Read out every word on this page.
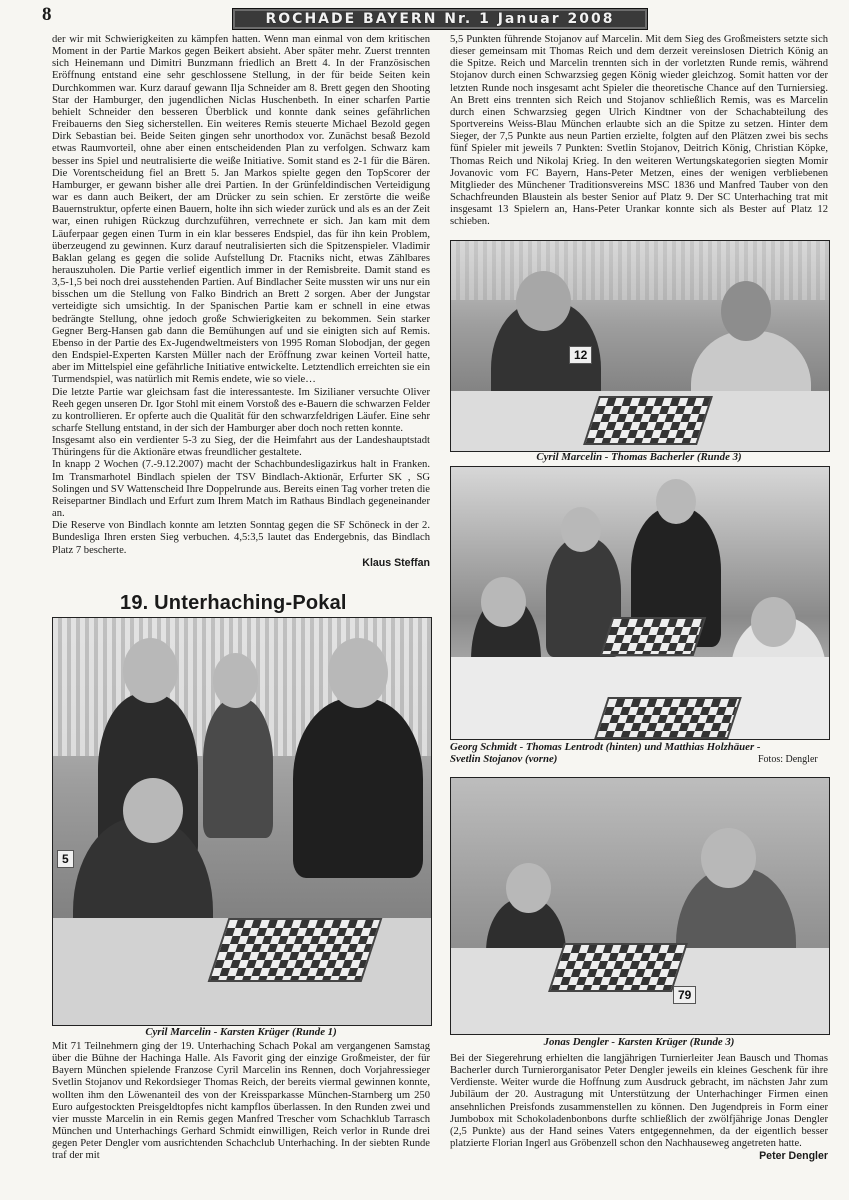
8	ROCHADE BAYERN Nr. 1 Januar 2008

der wir mit Schwierigkeiten zu kämpfen hatten. Wenn man einmal von dem kritischen Moment in der Partie Markos gegen Beikert absieht. Aber später mehr. Zuerst trennten sich Heinemann und Dimitri Bunzmann friedlich an Brett 4. In der Französischen Eröffnung entstand eine sehr geschlossene Stellung, in der für beide Seiten kein Durchkommen war. Kurz darauf gewann Ilja Schneider am 8. Brett gegen den Shooting Star der Hamburger, den jugendlichen Niclas Huschenbeth. In einer scharfen Partie behielt Schneider den besseren Überblick und konnte dank seines gefährlichen Freibauerns den Sieg sicherstellen. Ein weiteres Remis steuerte Michael Bezold gegen Dirk Sebastian bei. Beide Seiten gingen sehr unorthodox vor. Zunächst besaß Bezold etwas Raumvorteil, ohne aber einen entscheidenden Plan zu verfolgen. Schwarz kam besser ins Spiel und neutralisierte die weiße Initiative. Somit stand es 2-1 für die Bären. Die Vorentscheidung fiel an Brett 5. Jan Markos spielte gegen den TopScorer der Hamburger, er gewann bisher alle drei Partien. In der Grünfeldindischen Verteidigung war es dann auch Beikert, der am Drücker zu sein schien. Er zerstörte die weiße Bauernstruktur, opferte einen Bauern, holte ihn sich wieder zurück und als es an der Zeit war, einen ruhigen Rückzug durchzuführen, verrechnete er sich. Jan kam mit dem Läuferpaar gegen einen Turm in ein klar besseres Endspiel, das für ihn kein Problem, überzeugend zu gewinnen. Kurz darauf neutralisierten sich die Spitzenspieler. Vladimir Baklan gelang es gegen die solide Aufstellung Dr. Ftacniks nicht, etwas Zählbares herauszuholen. Die Partie verlief eigentlich immer in der Remisbreite. Damit stand es 3,5-1,5 bei noch drei ausstehenden Partien. Auf Bindlacher Seite mussten wir uns nur ein bisschen um die Stellung von Falko Bindrich an Brett 2 sorgen. Aber der Jungstar verteidigte sich umsichtig. In der Spanischen Partie kam er schnell in eine etwas bedrängte Stellung, ohne jedoch große Schwierigkeiten zu bekommen. Sein starker Gegner Berg-Hansen gab dann die Bemühungen auf und sie einigten sich auf Remis. Ebenso in der Partie des Ex-Jugendweltmeisters von 1995 Roman Slobodjan, der gegen den Endspiel-Experten Karsten Müller nach der Eröffnung zwar keinen Vorteil hatte, aber im Mittelspiel eine gefährliche Initiative entwickelte. Letztendlich erreichten sie ein Turmendspiel, was natürlich mit Remis endete, wie so viele…

Die letzte Partie war gleichsam fast die interessanteste. Im Sizilianer versuchte Oliver Reeh gegen unseren Dr. Igor Stohl mit einem Vorstoß des e-Bauern die schwarzen Felder zu kontrollieren. Er opferte auch die Qualität für den schwarzfeldrigen Läufer. Eine sehr scharfe Stellung entstand, in der sich der Hamburger aber doch noch retten konnte.

Insgesamt also ein verdienter 5-3 zu Sieg, der die Heimfahrt aus der Landeshauptstadt Thüringens für die Aktionäre etwas freundlicher gestaltete.

In knapp 2 Wochen (7.-9.12.2007) macht der Schachbundesligazirkus halt in Franken. Im Transmarhotel Bindlach spielen der TSV Bindlach-Aktionär, Erfurter SK , SG Solingen und SV Wattenscheid Ihre Doppelrunde aus. Bereits einen Tag vorher treten die Reisepartner Bindlach und Erfurt zum Ihrem Match im Rathaus Bindlach gegeneinander an.

Die Reserve von Bindlach konnte am letzten Sonntag gegen die SF Schöneck in der 2. Bundesliga Ihren ersten Sieg verbuchen. 4,5:3,5 lautet das Endergebnis, das Bindlach Platz 7 bescherte.

Klaus Steffan

5,5 Punkten führende Stojanov auf Marcelin. Mit dem Sieg des Großmeisters setzte sich dieser gemeinsam mit Thomas Reich und dem derzeit vereinslosen Dietrich König an die Spitze. Reich und Marcelin trennten sich in der vorletzten Runde remis, während Stojanov durch einen Schwarzsieg gegen König wieder gleichzog. Somit hatten vor der letzten Runde noch insgesamt acht Spieler die theoretische Chance auf den Turniersieg. An Brett eins trennten sich Reich und Stojanov schließlich Remis, was es Marcelin durch einen Schwarzsieg gegen Ulrich Kindtner von der Schachabteilung des Sportvereins Weiss-Blau München erlaubte sich an die Spitze zu setzen. Hinter dem Sieger, der 7,5 Punkte aus neun Partien erzielte, folgten auf den Plätzen zwei bis sechs fünf Spieler mit jeweils 7 Punkten: Svetlin Stojanov, Deitrich König, Christian Köpke, Thomas Reich und Nikolaj Krieg. In den weiteren Wertungskategorien siegten Momir Jovanovic vom FC Bayern, Hans-Peter Metzen, eines der wenigen verbliebenen Mitglieder des Münchener Traditionsvereins MSC 1836 und Manfred Tauber von den Schachfreunden Blaustein als bester Senior auf Platz 9. Der SC Unterhaching trat mit insgesamt 13 Spielern an, Hans-Peter Urankar konnte sich als Bester auf Platz 12 schieben.

19. Unterhaching-Pokal
12
Cyril Marcelin - Thomas Bacherler (Runde 3)
Georg Schmidt - Thomas Lentrodt (hinten) und Matthias Holzhäuer -
Svetlin Stojanov (vorne)	Fotos: Dengler
79
Jonas Dengler - Karsten Krüger (Runde 3)
5
Cyril Marcelin - Karsten Krüger (Runde 1)

Mit 71 Teilnehmern ging der 19. Unterhaching Schach Pokal am vergangenen Samstag über die Bühne der Hachinga Halle. Als Favorit ging der einzige Großmeister, der für Bayern München spielende Franzose Cyril Marcelin ins Rennen, doch Vorjahressieger Svetlin Stojanov und Rekordsieger Thomas Reich, der bereits viermal gewinnen konnte, wollten ihm den Löwenanteil des von der Kreissparkasse München-Starnberg um 250 Euro aufgestockten Preisgeldtopfes nicht kampflos überlassen. In den Runden zwei und vier musste Marcelin in ein Remis gegen Manfred Trescher vom Schachklub Tarrasch München und Unterhachings Gerhard Schmidt einwilligen, Reich verlor in Runde drei gegen Peter Dengler vom ausrichtenden Schachclub Unterhaching. In der siebten Runde traf der mit

Bei der Siegerehrung erhielten die langjährigen Turnierleiter Jean Bausch und Thomas Bacherler durch Turnierorganisator Peter Dengler jeweils ein kleines Geschenk für ihre Verdienste. Weiter wurde die Hoffnung zum Ausdruck gebracht, im nächsten Jahr zum Jubiläum der 20. Austragung mit Unterstützung der Unterhachinger Firmen einen ansehnlichen Preisfonds zusammenstellen zu können. Den Jugendpreis in Form einer Jumbobox mit Schokoladenbonbons durfte schließlich der zwölfjährige Jonas Dengler (2,5 Punkte) aus der Hand seines Vaters entgegennehmen, da der eigentlich besser platzierte Florian Ingerl aus Gröbenzell schon den Nachhauseweg angetreten hatte.

Peter Dengler
